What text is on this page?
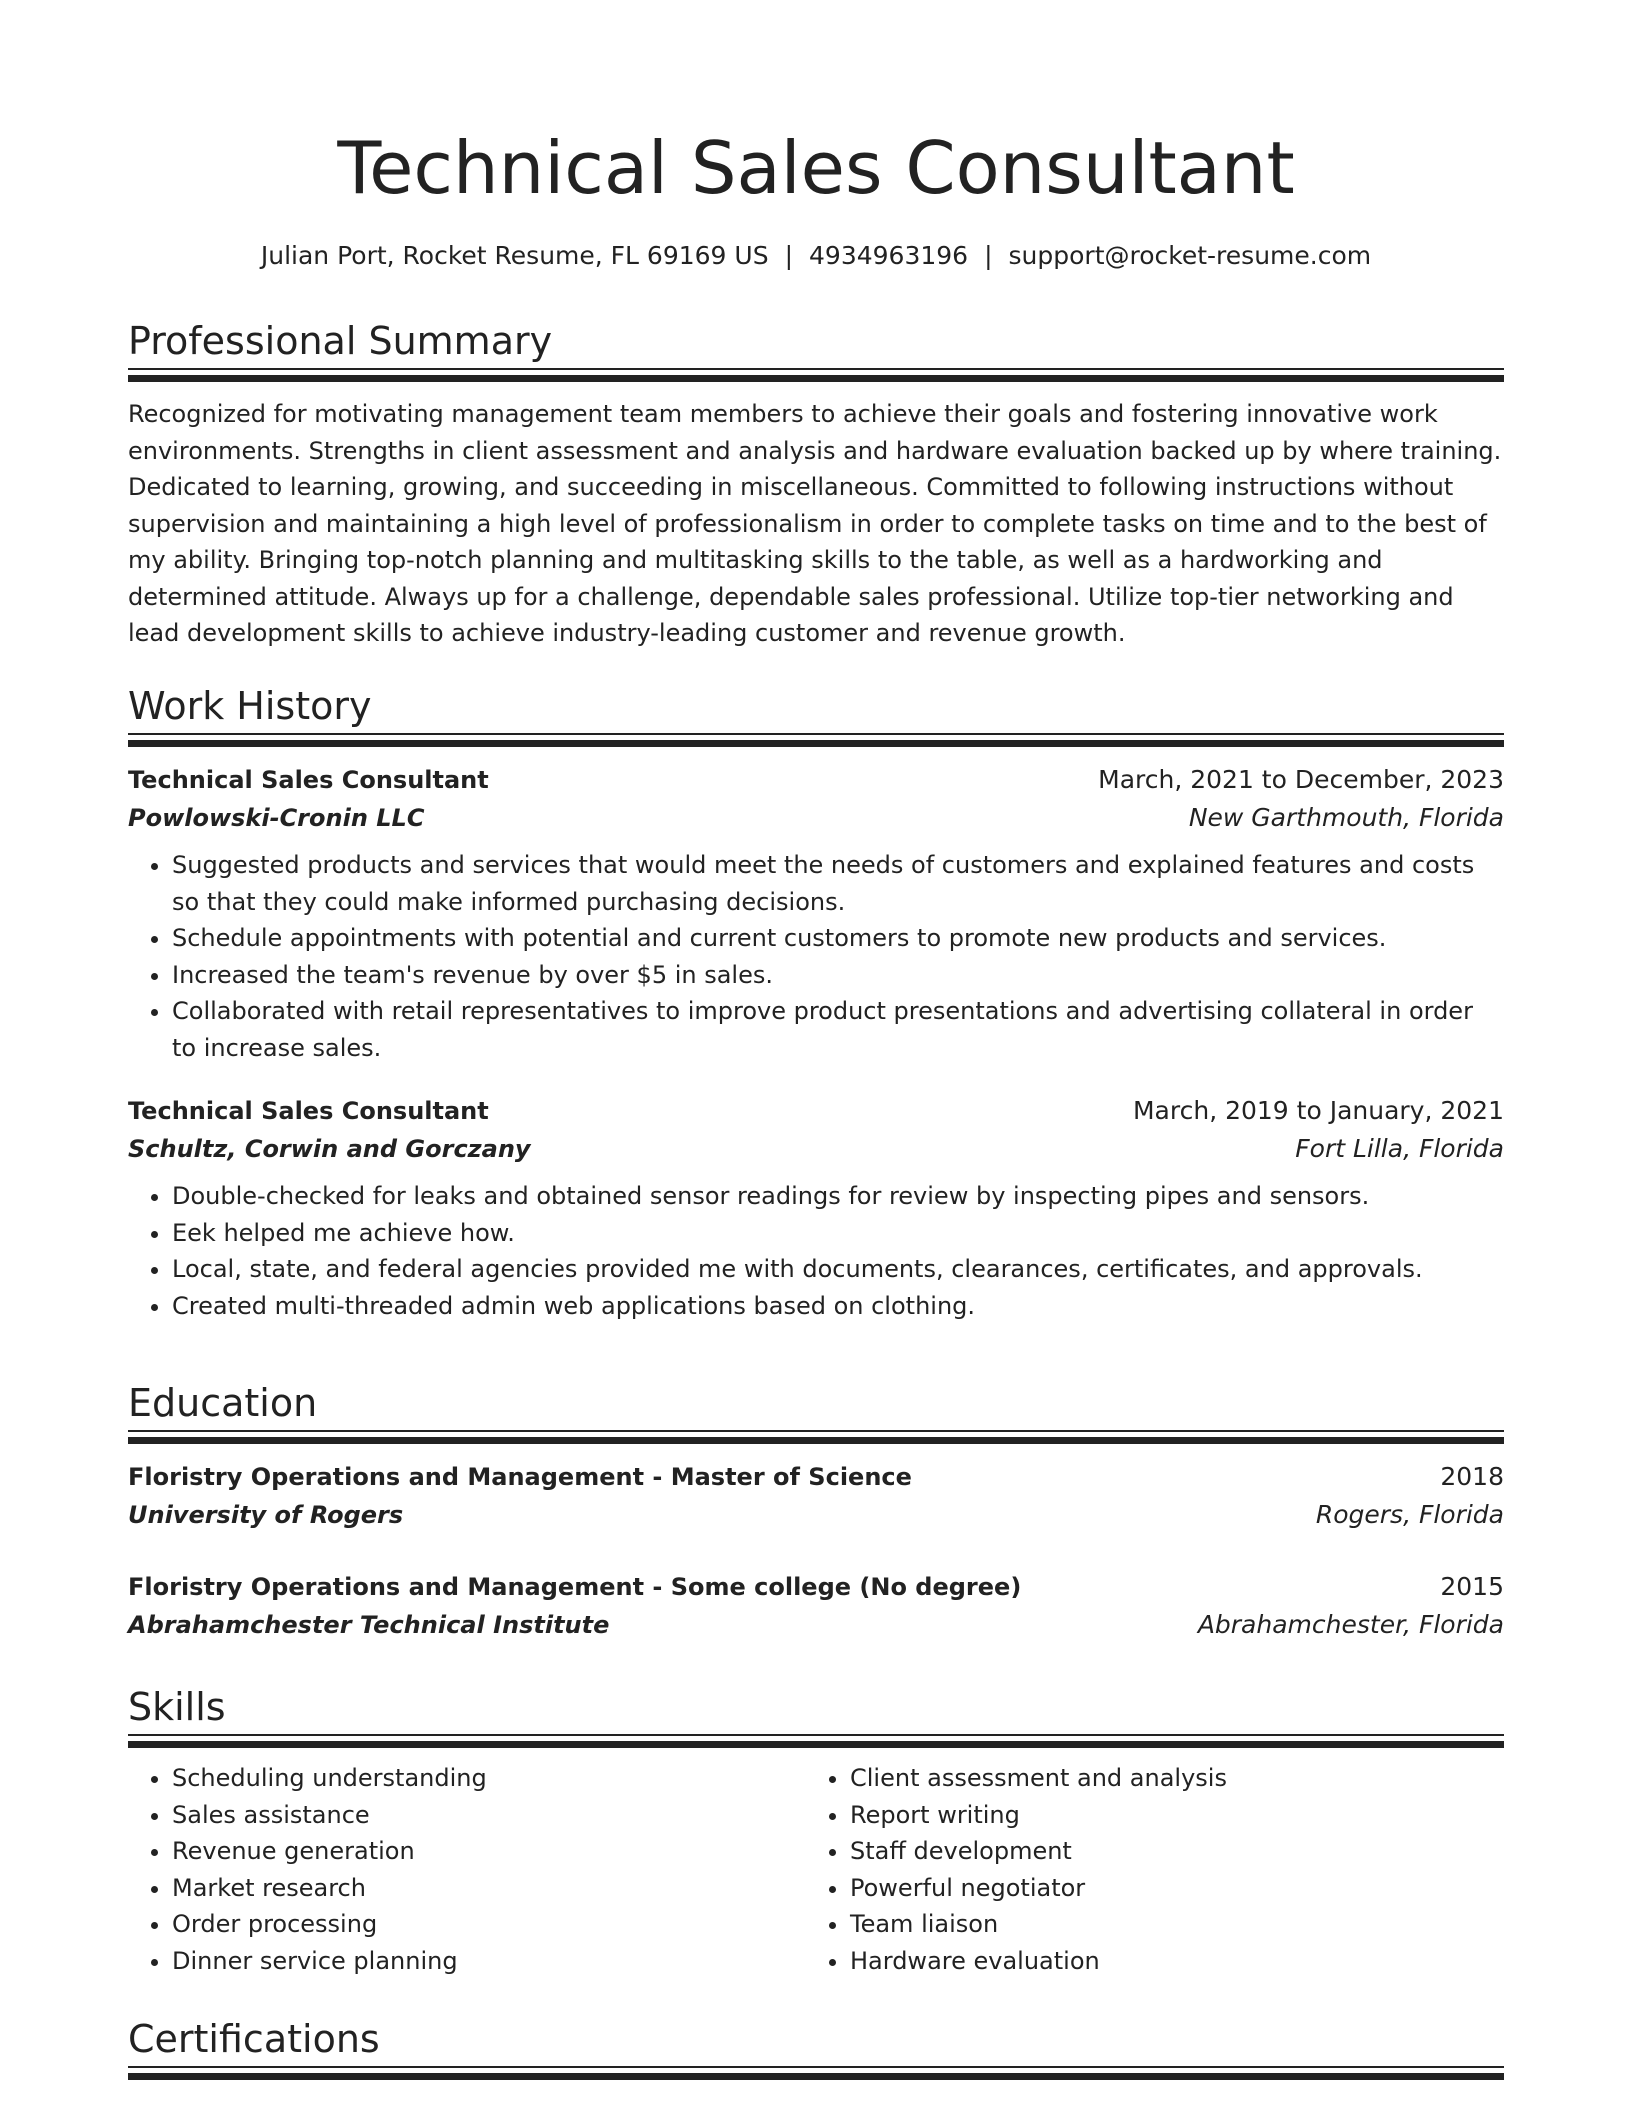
Technical Sales Consultant
Julian Port, Rocket Resume, FL 69169 US | 4934963196 | support@rocket-resume.com
Professional Summary

Recognized for motivating management team members to achieve their goals and fostering innovative work environments. Strengths in client assessment and analysis and hardware evaluation backed up by where training. Dedicated to learning, growing, and succeeding in miscellaneous. Committed to following instructions without supervision and maintaining a high level of professionalism in order to complete tasks on time and to the best of my ability. Bringing top-notch planning and multitasking skills to the table, as well as a hardworking and determined attitude. Always up for a challenge, dependable sales professional. Utilize top-tier networking and lead development skills to achieve industry-leading customer and revenue growth.

Work History
Technical Sales Consultant	March, 2021 to December, 2023
Powlowski-Cronin LLC	New Garthmouth, Florida
• Suggested products and services that would meet the needs of customers and explained features and costs so that they could make informed purchasing decisions.
• Schedule appointments with potential and current customers to promote new products and services.
• Increased the team's revenue by over $5 in sales.
• Collaborated with retail representatives to improve product presentations and advertising collateral in order to increase sales.
Technical Sales Consultant	March, 2019 to January, 2021
Schultz, Corwin and Gorczany	Fort Lilla, Florida
• Double-checked for leaks and obtained sensor readings for review by inspecting pipes and sensors.
• Eek helped me achieve how.
• Local, state, and federal agencies provided me with documents, clearances, certificates, and approvals.
• Created multi-threaded admin web applications based on clothing.
Education
Floristry Operations and Management - Master of Science	2018
University of Rogers	Rogers, Florida
Floristry Operations and Management - Some college (No degree)	2015
Abrahamchester Technical Institute	Abrahamchester, Florida
Skills
• Scheduling understanding
• Sales assistance
• Revenue generation
• Market research
• Order processing
• Dinner service planning
• Client assessment and analysis
• Report writing
• Staff development
• Powerful negotiator
• Team liaison
• Hardware evaluation
Certifications
